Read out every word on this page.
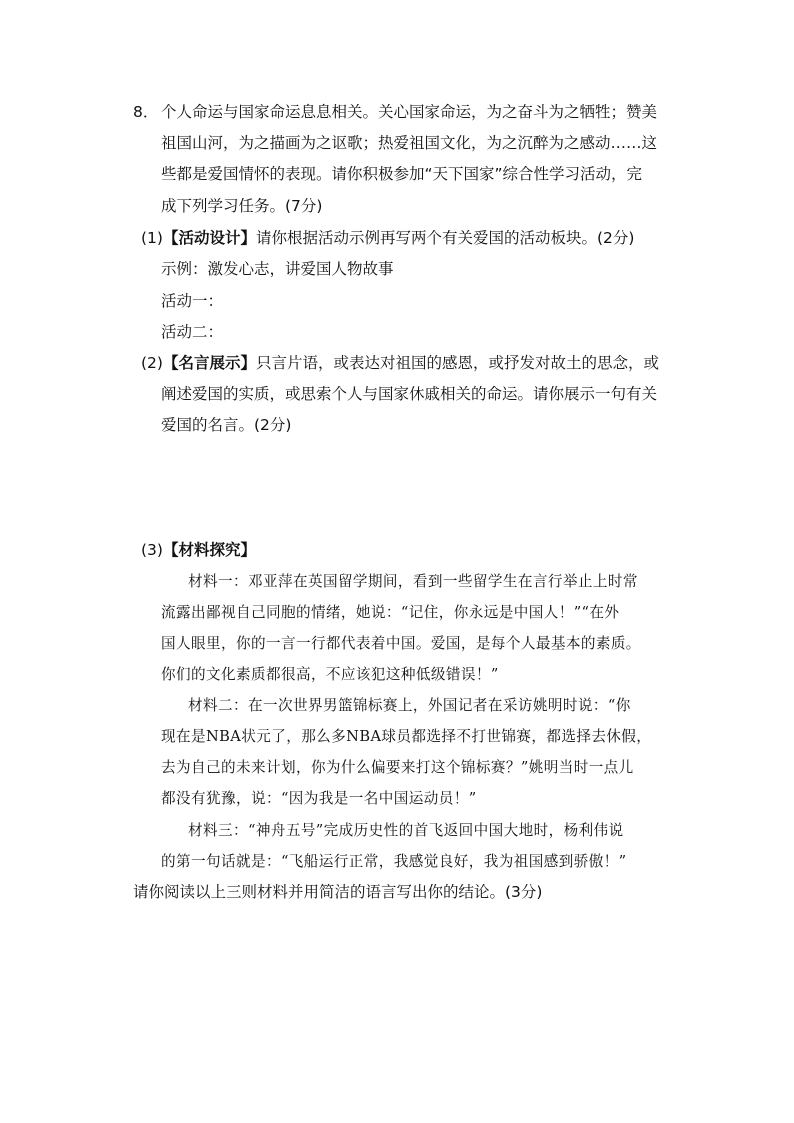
8． 个人命运与国家命运息息相关。关心国家命运，为之奋斗为之牺牲；赞美
祖国山河，为之描画为之讴歌；热爱祖国文化，为之沉醉为之感动……这
些都是爱国情怀的表现。请你积极参加“天下国家”综合性学习活动，完
成下列学习任务。(7分)
(1)【活动设计】请你根据活动示例再写两个有关爱国的活动板块。(2分)
示例：激发心志，讲爱国人物故事
活动一：
活动二：
(2)【名言展示】只言片语，或表达对祖国的感恩，或抒发对故土的思念，或
阐述爱国的实质，或思索个人与国家休戚相关的命运。请你展示一句有关
爱国的名言。(2分)
(3)【材料探究】
材料一：邓亚萍在英国留学期间，看到一些留学生在言行举止上时常
流露出鄙视自己同胞的情绪，她说：“记住，你永远是中国人！”“在外
国人眼里，你的一言一行都代表着中国。爱国，是每个人最基本的素质。
你们的文化素质都很高，不应该犯这种低级错误！”
材料二：在一次世界男篮锦标赛上，外国记者在采访姚明时说：“你
现在是NBA状元了，那么多NBA球员都选择不打世锦赛，都选择去休假，
去为自己的未来计划，你为什么偏要来打这个锦标赛？”姚明当时一点儿
都没有犹豫，说：“因为我是一名中国运动员！”
材料三：“神舟五号”完成历史性的首飞返回中国大地时，杨利伟说
的第一句话就是：“飞船运行正常，我感觉良好，我为祖国感到骄傲！”
请你阅读以上三则材料并用简洁的语言写出你的结论。(3分)
